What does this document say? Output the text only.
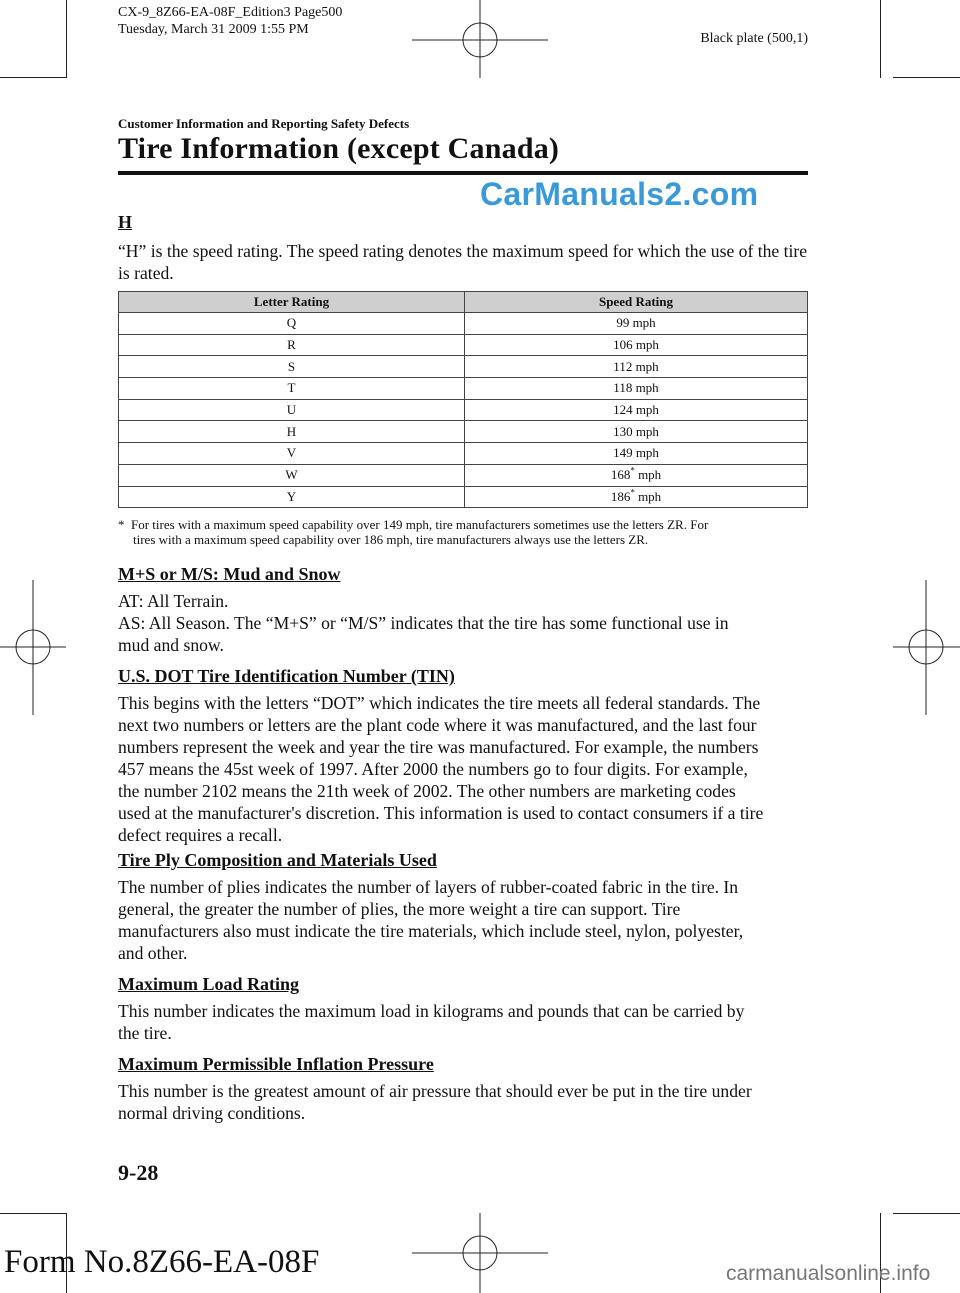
CX-9_8Z66-EA-08F_Edition3 Page500
Tuesday, March 31 2009 1:55 PM
Black plate (500,1)
Customer Information and Reporting Safety Defects
Tire Information (except Canada)
CarManuals2.com
H

“H” is the speed rating. The speed rating denotes the maximum speed for which the use of the tire is rated.

Letter Rating	Speed Rating
Q	99 mph
R	106 mph
S	112 mph
T	118 mph
U	124 mph
H	130 mph
V	149 mph
W	168* mph
Y	186* mph
* For tires with a maximum speed capability over 149 mph, tire manufacturers sometimes use the letters ZR. For
tires with a maximum speed capability over 186 mph, tire manufacturers always use the letters ZR.
M+S or M/S: Mud and Snow

AT: All Terrain.

AS: All Season. The “M+S” or “M/S” indicates that the tire has some functional use in

mud and snow.

U.S. DOT Tire Identification Number (TIN)

This begins with the letters “DOT” which indicates the tire meets all federal standards. The

next two numbers or letters are the plant code where it was manufactured, and the last four

numbers represent the week and year the tire was manufactured. For example, the numbers

457 means the 45st week of 1997. After 2000 the numbers go to four digits. For example,

the number 2102 means the 21th week of 2002. The other numbers are marketing codes

used at the manufacturer's discretion. This information is used to contact consumers if a tire

defect requires a recall.

Tire Ply Composition and Materials Used

The number of plies indicates the number of layers of rubber-coated fabric in the tire. In

general, the greater the number of plies, the more weight a tire can support. Tire

manufacturers also must indicate the tire materials, which include steel, nylon, polyester,

and other.

Maximum Load Rating

This number indicates the maximum load in kilograms and pounds that can be carried by

the tire.

Maximum Permissible Inflation Pressure

This number is the greatest amount of air pressure that should ever be put in the tire under

normal driving conditions.

9-28
Form No.8Z66-EA-08F	carmanualsonline.info
